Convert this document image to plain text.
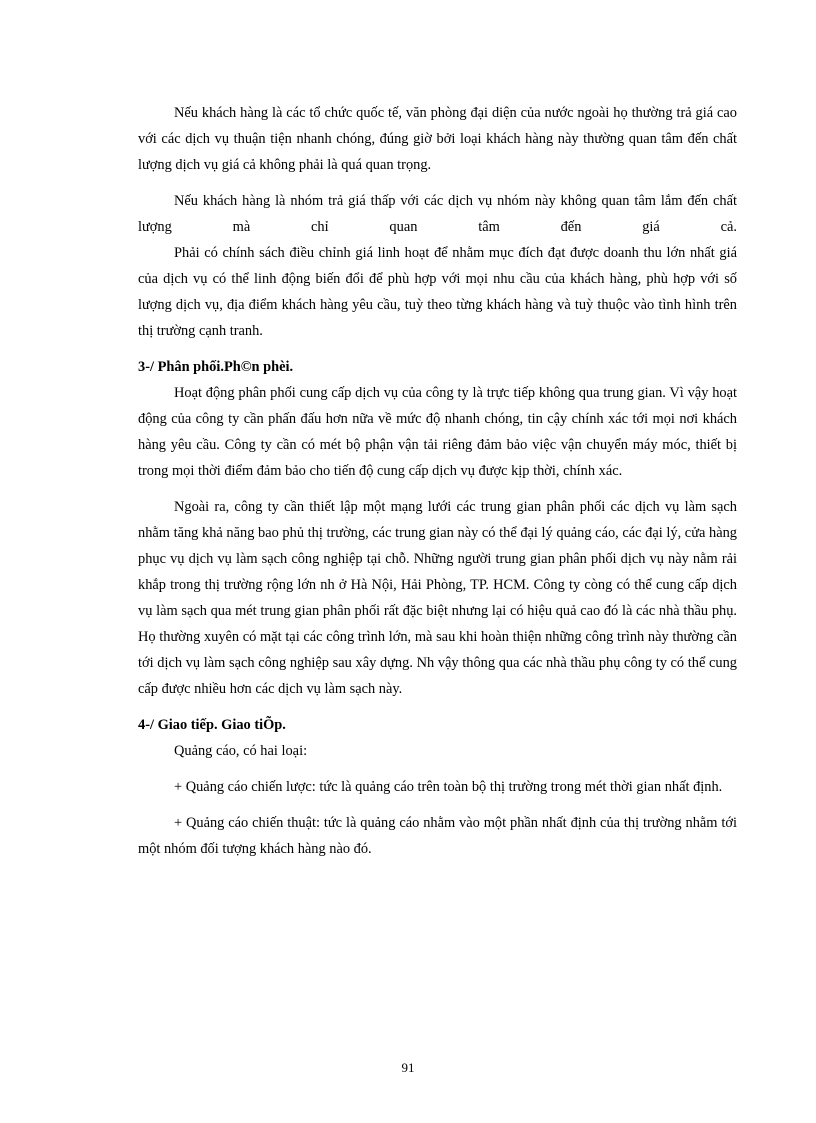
Nếu khách hàng là các tổ chức quốc tế, văn phòng đại diện của nước ngoài họ thường trả giá cao với các dịch vụ thuận tiện nhanh chóng, đúng giờ bởi loại khách hàng này thường quan tâm đến chất lượng dịch vụ giá cả không phải là quá quan trọng.

Nếu khách hàng là nhóm trả giá thấp với các dịch vụ nhóm này không quan tâm lắm đến chất lượng mà chỉ quan tâm đến giá cả.

Phải có chính sách điều chỉnh giá linh hoạt để nhằm mục đích đạt được doanh thu lớn nhất giá của dịch vụ có thể linh động biến đổi để phù hợp với mọi nhu cầu của khách hàng, phù hợp với số lượng dịch vụ, địa điểm khách hàng yêu cầu, tuỳ theo từng khách hàng và tuỳ thuộc vào tình hình trên thị trường cạnh tranh.

3-/ Phân phối.Ph©n phèi.

Hoạt động phân phối cung cấp dịch vụ của công ty là trực tiếp không qua trung gian. Vì vậy hoạt động của công ty cần phấn đấu hơn nữa về mức độ nhanh chóng, tin cậy chính xác tới mọi nơi khách hàng yêu cầu. Công ty cần có mét bộ phận vận tải riêng đảm bảo việc vận chuyển máy móc, thiết bị trong mọi thời điểm đảm bảo cho tiến độ cung cấp dịch vụ được kịp thời, chính xác.

Ngoài ra, công ty cần thiết lập một mạng lưới các trung gian phân phối các dịch vụ làm sạch nhằm tăng khả năng bao phủ thị trường, các trung gian này có thể đại lý quảng cáo, các đại lý, cửa hàng phục vụ dịch vụ làm sạch công nghiệp tại chỗ. Những người trung gian phân phối dịch vụ này nằm rải khắp trong thị trường rộng lớn nh ở Hà Nội, Hải Phòng, TP. HCM. Công ty còng có thể cung cấp dịch vụ làm sạch qua mét trung gian phân phối rất đặc biệt nhưng lại có hiệu quả cao đó là các nhà thầu phụ. Họ thường xuyên có mặt tại các công trình lớn, mà sau khi hoàn thiện những công trình này thường cần tới dịch vụ làm sạch công nghiệp sau xây dựng. Nh vậy thông qua các nhà thầu phụ công ty có thể cung cấp được nhiều hơn các dịch vụ làm sạch này.

4-/ Giao tiếp. Giao tiÕp.

Quảng cáo, có hai loại:

+ Quảng cáo chiến lược: tức là quảng cáo trên toàn bộ thị trường trong mét thời gian nhất định.

+ Quảng cáo chiến thuật: tức là quảng cáo nhằm vào một phần nhất định của thị trường nhằm tới một nhóm đối tượng khách hàng nào đó.

91
